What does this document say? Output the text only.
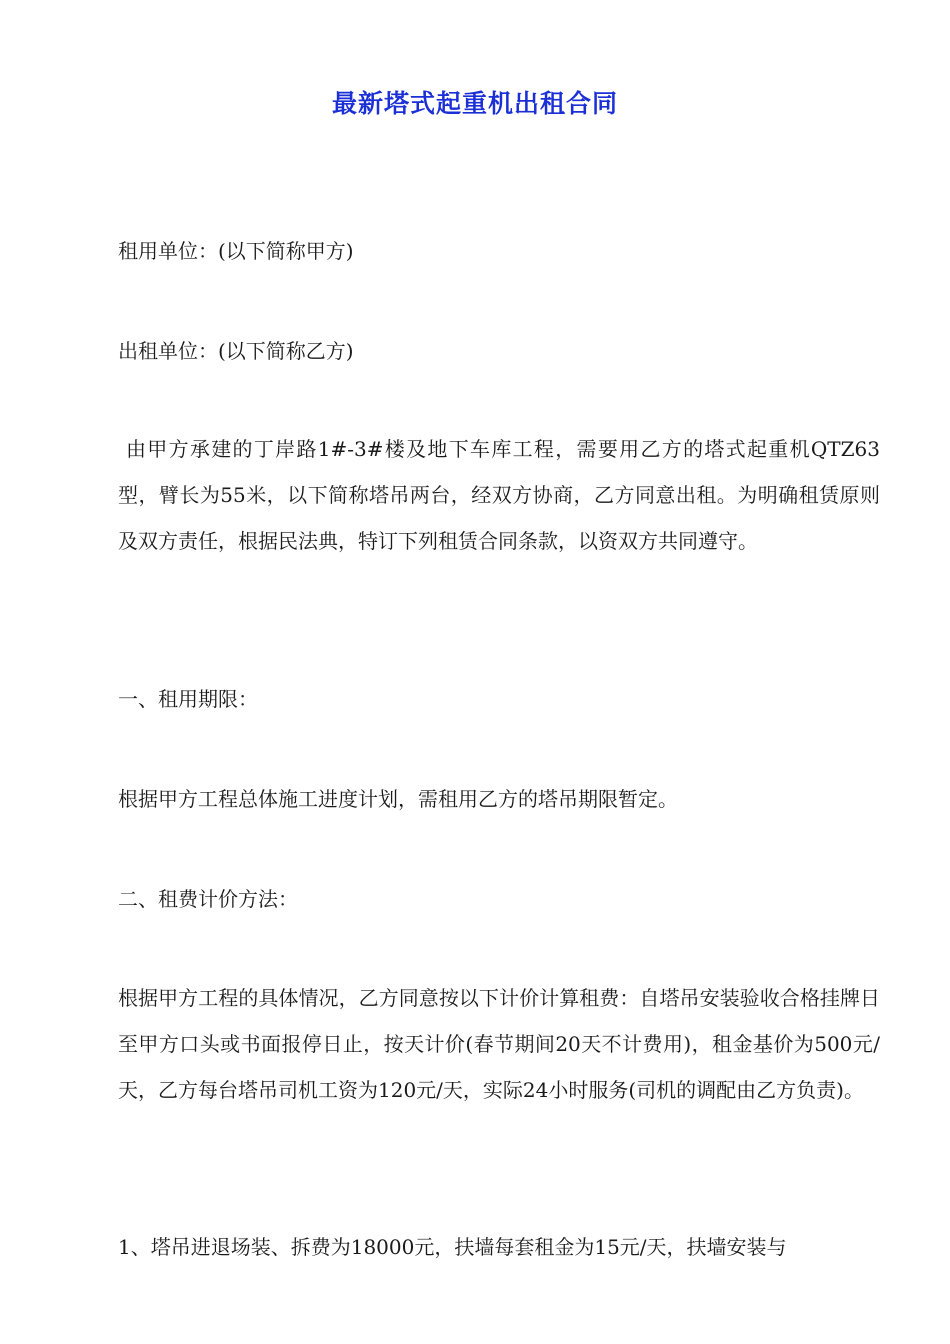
最新塔式起重机出租合同

租用单位：(以下简称甲方)

出租单位：(以下简称乙方)

由甲方承建的丁岸路1#-3#楼及地下车库工程，需要用乙方的塔式起重机QTZ63型，臂长为55米，以下简称塔吊两台，经双方协商，乙方同意出租。为明确租赁原则及双方责任，根据民法典，特订下列租赁合同条款，以资双方共同遵守。

一、租用期限：

根据甲方工程总体施工进度计划，需租用乙方的塔吊期限暂定。

二、租费计价方法：

根据甲方工程的具体情况，乙方同意按以下计价计算租费：自塔吊安装验收合格挂牌日至甲方口头或书面报停日止，按天计价(春节期间20天不计费用)，租金基价为500元/天，乙方每台塔吊司机工资为120元/天，实际24小时服务(司机的调配由乙方负责)。

1、塔吊进退场装、拆费为18000元，扶墙每套租金为15元/天，扶墙安装与
